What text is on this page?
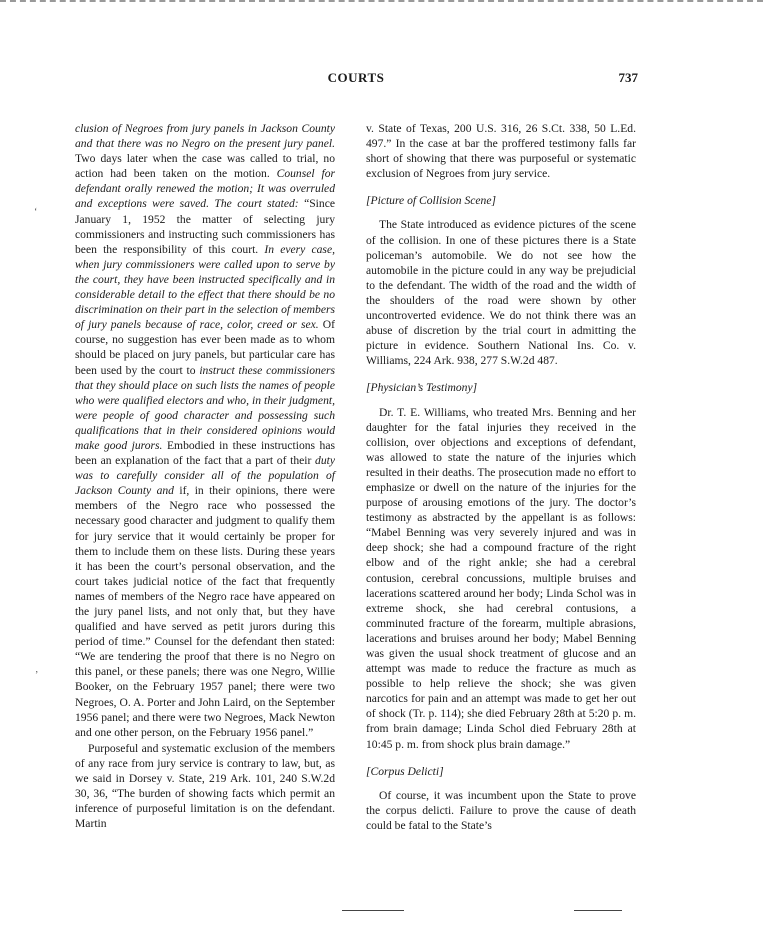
COURTS	737

clusion of Negroes from jury panels in Jackson County and that there was no Negro on the present jury panel. Two days later when the case was called to trial, no action had been taken on the motion. Counsel for defendant orally renewed the motion; It was overruled and exceptions were saved. The court stated: “Since January 1, 1952 the matter of selecting jury commissioners and instructing such commissioners has been the responsibility of this court. In every case, when jury commissioners were called upon to serve by the court, they have been instructed specifically and in considerable detail to the effect that there should be no discrimination on their part in the selection of members of jury panels because of race, color, creed or sex. Of course, no suggestion has ever been made as to whom should be placed on jury panels, but particular care has been used by the court to instruct these commissioners that they should place on such lists the names of people who were qualified electors and who, in their judgment, were people of good character and possessing such qualifications that in their considered opinions would make good jurors. Embodied in these instructions has been an explanation of the fact that a part of their duty was to carefully consider all of the population of Jackson County and if, in their opinions, there were members of the Negro race who possessed the necessary good character and judgment to qualify them for jury service that it would certainly be proper for them to include them on these lists. During these years it has been the court’s personal observation, and the court takes judicial notice of the fact that frequently names of members of the Negro race have appeared on the jury panel lists, and not only that, but they have qualified and have served as petit jurors during this period of time.” Counsel for the defendant then stated: “We are tendering the proof that there is no Negro on this panel, or these panels; there was one Negro, Willie Booker, on the February 1957 panel; there were two Negroes, O. A. Porter and John Laird, on the September 1956 panel; and there were two Negroes, Mack Newton and one other person, on the February 1956 panel.”

Purposeful and systematic exclusion of the members of any race from jury service is contrary to law, but, as we said in Dorsey v. State, 219 Ark. 101, 240 S.W.2d 30, 36, “The burden of showing facts which permit an inference of purposeful limitation is on the defendant. Martin

v. State of Texas, 200 U.S. 316, 26 S.Ct. 338, 50 L.Ed. 497.” In the case at bar the proffered testimony falls far short of showing that there was purposeful or systematic exclusion of Negroes from jury service.

[Picture of Collision Scene]

The State introduced as evidence pictures of the scene of the collision. In one of these pictures there is a State policeman’s automobile. We do not see how the automobile in the picture could in any way be prejudicial to the defendant. The width of the road and the width of the shoulders of the road were shown by other uncontroverted evidence. We do not think there was an abuse of discretion by the trial court in admitting the picture in evidence. Southern National Ins. Co. v. Williams, 224 Ark. 938, 277 S.W.2d 487.

[Physician’s Testimony]

Dr. T. E. Williams, who treated Mrs. Benning and her daughter for the fatal injuries they received in the collision, over objections and exceptions of defendant, was allowed to state the nature of the injuries which resulted in their deaths. The prosecution made no effort to emphasize or dwell on the nature of the injuries for the purpose of arousing emotions of the jury. The doctor’s testimony as abstracted by the appellant is as follows: “Mabel Benning was very severely injured and was in deep shock; she had a compound fracture of the right elbow and of the right ankle; she had a cerebral contusion, cerebral concussions, multiple bruises and lacerations scattered around her body; Linda Schol was in extreme shock, she had cerebral contusions, a comminuted fracture of the forearm, multiple abrasions, lacerations and bruises around her body; Mabel Benning was given the usual shock treatment of glucose and an attempt was made to reduce the fracture as much as possible to help relieve the shock; she was given narcotics for pain and an attempt was made to get her out of shock (Tr. p. 114); she died February 28th at 5:20 p. m. from brain damage; Linda Schol died February 28th at 10:45 p. m. from shock plus brain damage.”

[Corpus Delicti]

Of course, it was incumbent upon the State to prove the corpus delicti. Failure to prove the cause of death could be fatal to the State’s

‘
’
